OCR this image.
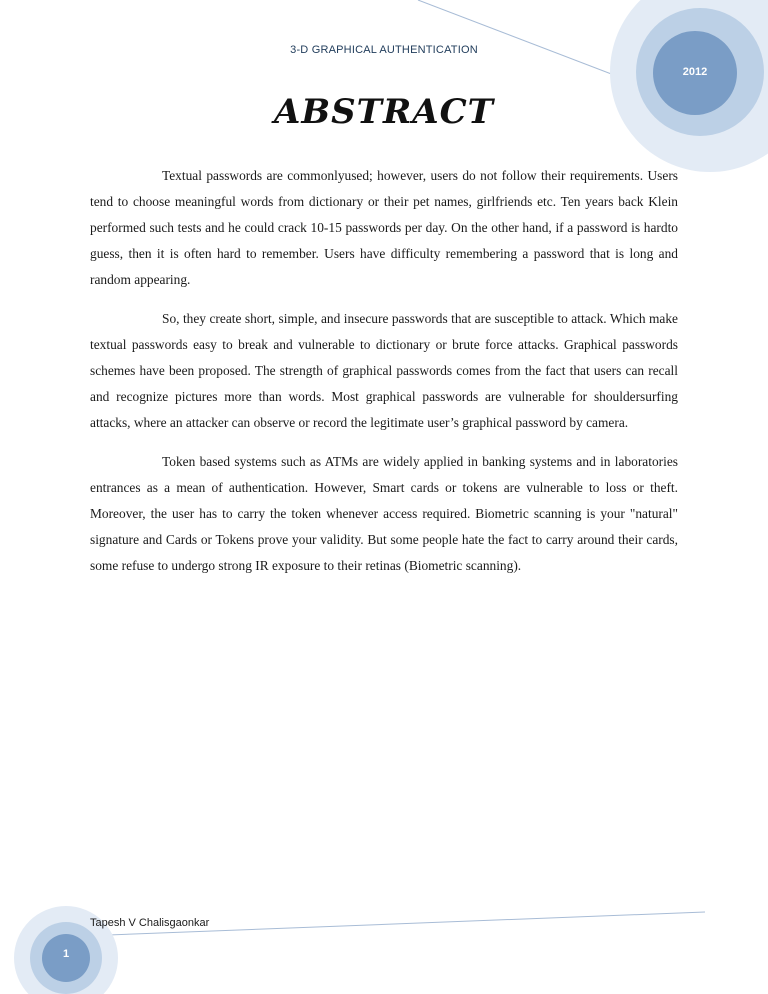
3-D GRAPHICAL AUTHENTICATION
2012
ABSTRACT

Textual passwords are commonlyused; however, users do not follow their requirements. Users tend to choose meaningful words from dictionary or their pet names, girlfriends etc. Ten years back Klein performed such tests and he could crack 10-15 passwords per day. On the other hand, if a password is hardto guess, then it is often hard to remember. Users have difficulty remembering a password that is long and random appearing.

So, they create short, simple, and insecure passwords that are susceptible to attack. Which make textual passwords easy to break and vulnerable to dictionary or brute force attacks. Graphical passwords schemes have been proposed. The strength of graphical passwords comes from the fact that users can recall and recognize pictures more than words. Most graphical passwords are vulnerable for shouldersurfing attacks, where an attacker can observe or record the legitimate user’s graphical password by camera.

Token based systems such as ATMs are widely applied in banking systems and in laboratories entrances as a mean of authentication. However, Smart cards or tokens are vulnerable to loss or theft. Moreover, the user has to carry the token whenever access required. Biometric scanning is your "natural" signature and Cards or Tokens prove your validity. But some people hate the fact to carry around their cards, some refuse to undergo strong IR exposure to their retinas (Biometric scanning).

Tapesh V Chalisgaonkar
1
